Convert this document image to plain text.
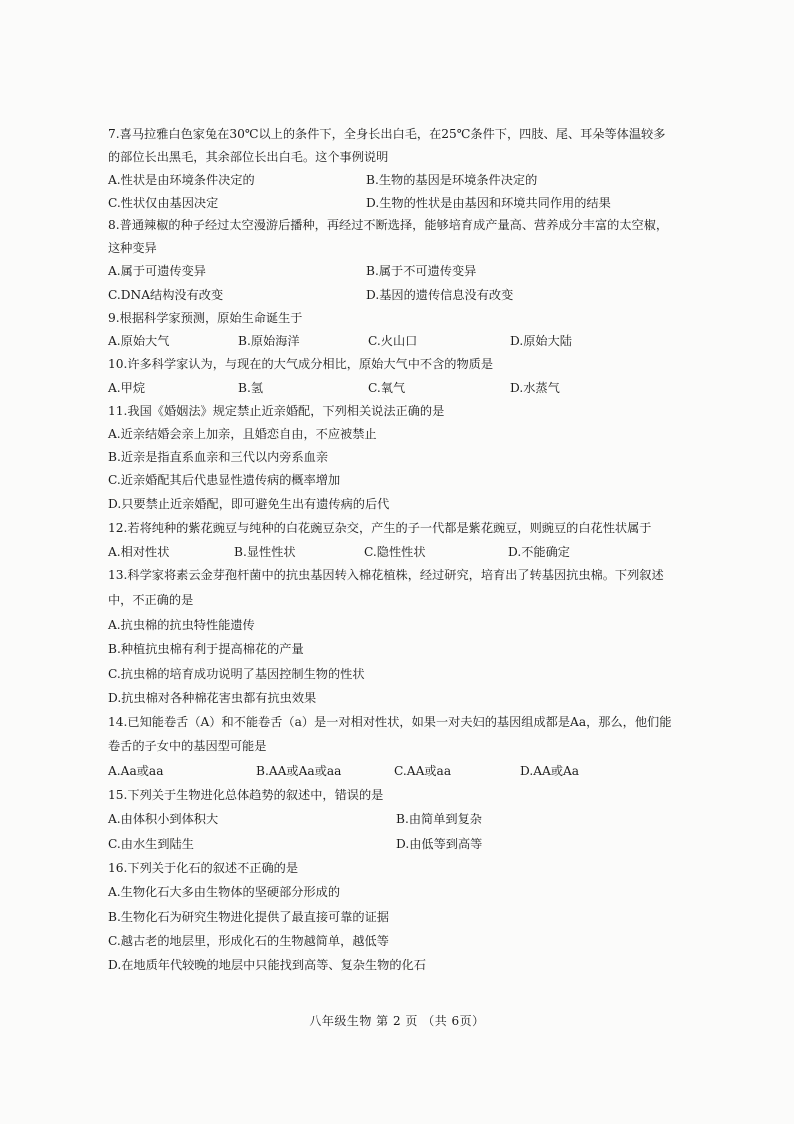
7.喜马拉雅白色家兔在30℃以上的条件下，全身长出白毛，在25℃条件下，四肢、尾、耳朵等体温较多
的部位长出黑毛，其余部位长出白毛。这个事例说明
A.性状是由环境条件决定的	B.生物的基因是环境条件决定的
C.性状仅由基因决定	D.生物的性状是由基因和环境共同作用的结果
8.普通辣椒的种子经过太空漫游后播种，再经过不断选择，能够培育成产量高、营养成分丰富的太空椒，
这种变异
A.属于可遗传变异	B.属于不可遗传变异
C.DNA结构没有改变	D.基因的遗传信息没有改变
9.根据科学家预测，原始生命诞生于
A.原始大气	B.原始海洋	C.火山口	D.原始大陆
10.许多科学家认为，与现在的大气成分相比，原始大气中不含的物质是
A.甲烷	B.氢	C.氧气	D.水蒸气
11.我国《婚姻法》规定禁止近亲婚配，下列相关说法正确的是
A.近亲结婚会亲上加亲，且婚恋自由，不应被禁止
B.近亲是指直系血亲和三代以内旁系血亲
C.近亲婚配其后代患显性遗传病的概率增加
D.只要禁止近亲婚配，即可避免生出有遗传病的后代
12.若将纯种的紫花豌豆与纯种的白花豌豆杂交，产生的子一代都是紫花豌豆，则豌豆的白花性状属于
A.相对性状	B.显性性状	C.隐性性状	D.不能确定
13.科学家将素云金芽孢杆菌中的抗虫基因转入棉花植株，经过研究，培育出了转基因抗虫棉。下列叙述
中，不正确的是
A.抗虫棉的抗虫特性能遗传
B.种植抗虫棉有利于提高棉花的产量
C.抗虫棉的培育成功说明了基因控制生物的性状
D.抗虫棉对各种棉花害虫都有抗虫效果
14.已知能卷舌（A）和不能卷舌（a）是一对相对性状，如果一对夫妇的基因组成都是Aa，那么，他们能
卷舌的子女中的基因型可能是
A.Aa或aa	B.AA或Aa或aa	C.AA或aa	D.AA或Aa
15.下列关于生物进化总体趋势的叙述中，错误的是
A.由体积小到体积大	B.由简单到复杂
C.由水生到陆生	D.由低等到高等
16.下列关于化石的叙述不正确的是
A.生物化石大多由生物体的坚硬部分形成的
B.生物化石为研究生物进化提供了最直接可靠的证据
C.越古老的地层里，形成化石的生物越简单，越低等
D.在地质年代较晚的地层中只能找到高等、复杂生物的化石
八年级生物 第 2 页 （共 6页）
